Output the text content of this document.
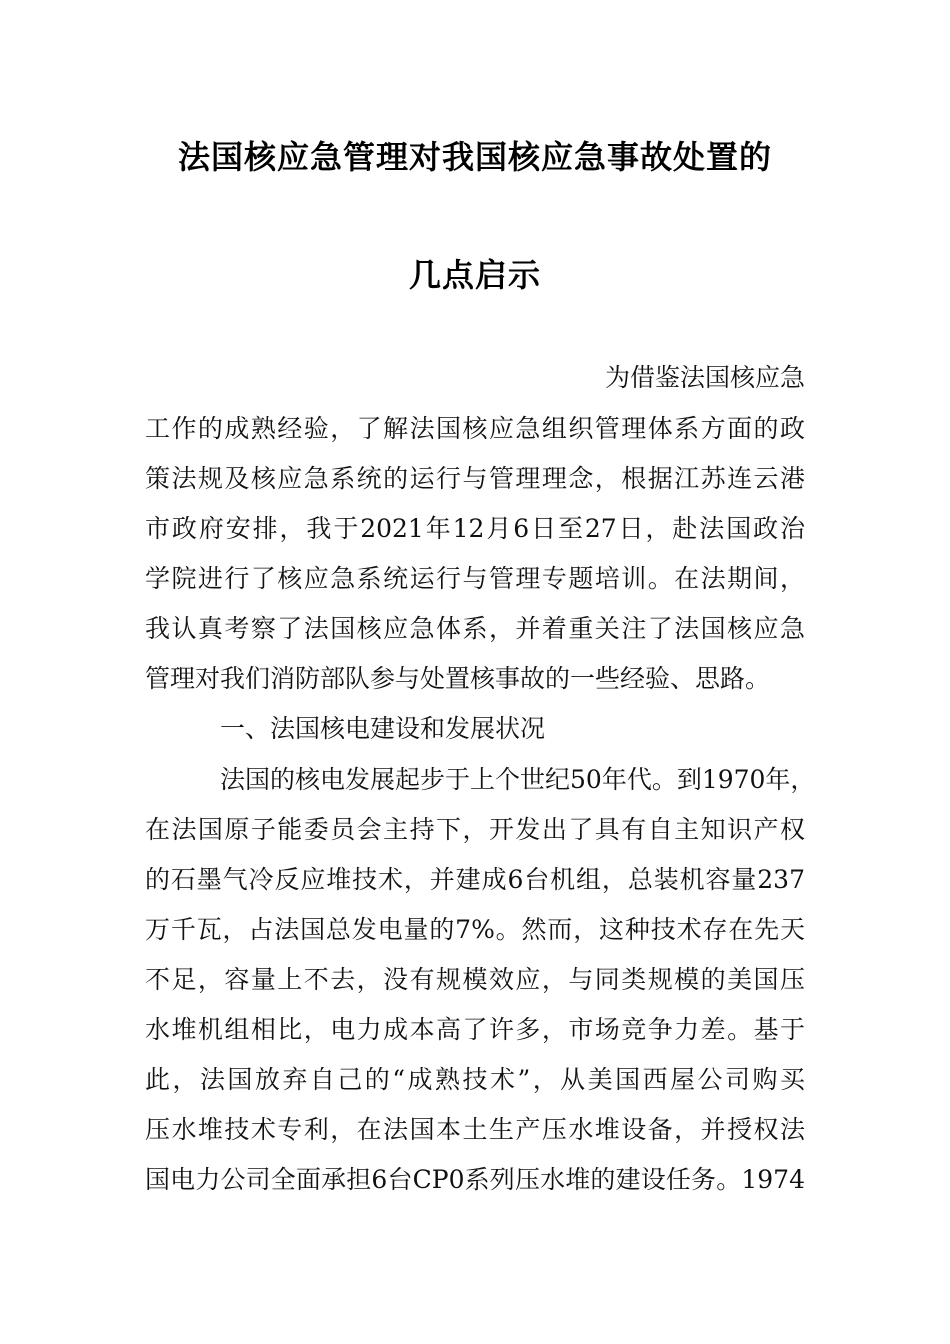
法国核应急管理对我国核应急事故处置的
几点启示

为借鉴法国核应急

工作的成熟经验，了解法国核应急组织管理体系方面的政

策法规及核应急系统的运行与管理理念，根据江苏连云港

市政府安排，我于2021年12月6日至27日，赴法国政治

学院进行了核应急系统运行与管理专题培训。在法期间，

我认真考察了法国核应急体系，并着重关注了法国核应急

管理对我们消防部队参与处置核事故的一些经验、思路。

一、法国核电建设和发展状况

法国的核电发展起步于上个世纪50年代。到1970年，

在法国原子能委员会主持下，开发出了具有自主知识产权

的石墨气冷反应堆技术，并建成6台机组，总装机容量237

万千瓦，占法国总发电量的7%。然而，这种技术存在先天

不足，容量上不去，没有规模效应，与同类规模的美国压

水堆机组相比，电力成本高了许多，市场竞争力差。基于

此，法国放弃自己的“成熟技术”，从美国西屋公司购买

压水堆技术专利，在法国本土生产压水堆设备，并授权法

国电力公司全面承担6台CP0系列压水堆的建设任务。1974
